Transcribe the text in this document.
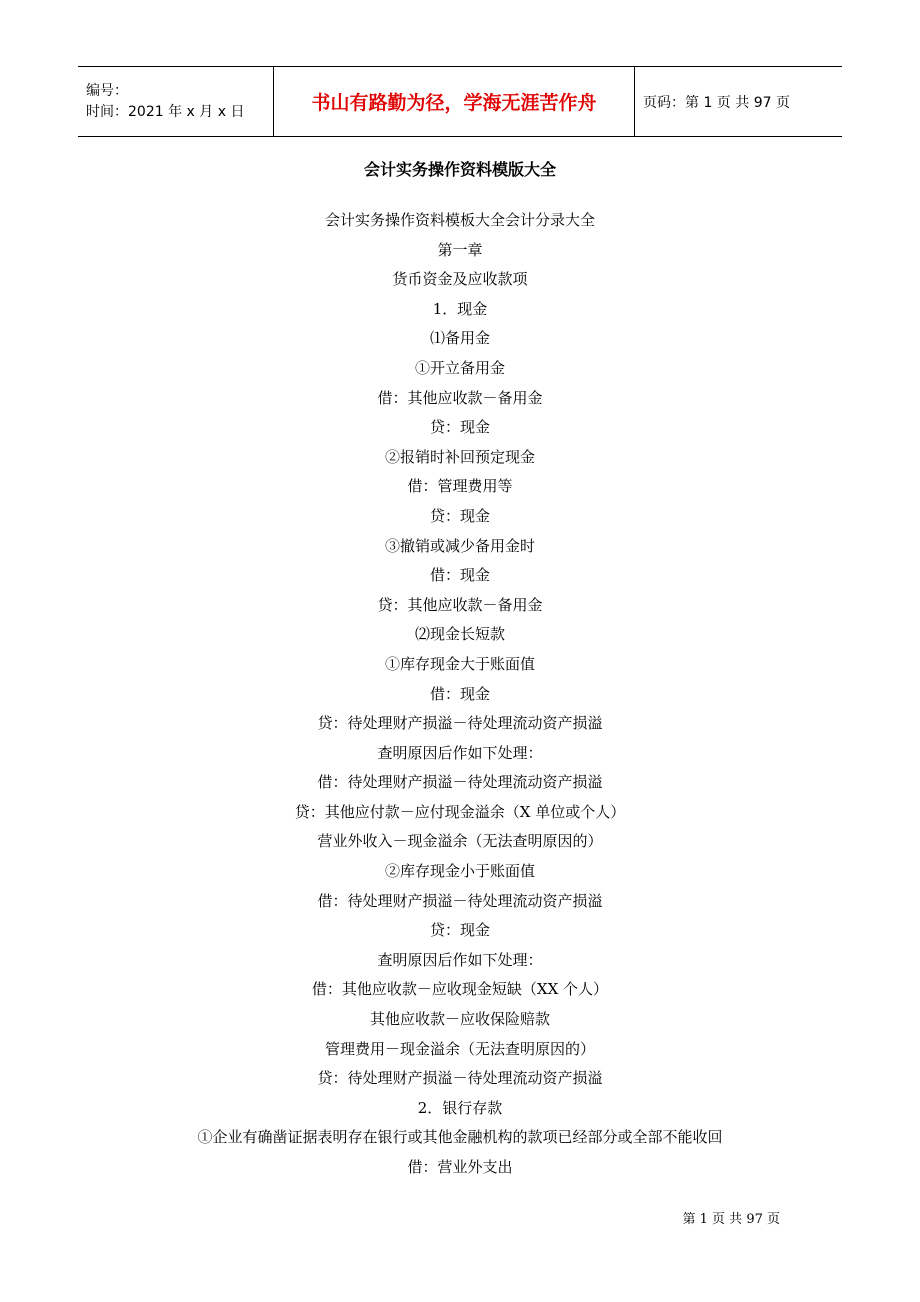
编号：
时间：2021 年 x 月 x 日	书山有路勤为径，学海无涯苦作舟	页码：第 1 页 共 97 页
会计实务操作资料模版大全
会计实务操作资料模板大全会计分录大全
第一章
货币资金及应收款项
1．现金
⑴备用金
①开立备用金
借：其他应收款－备用金
贷：现金
②报销时补回预定现金
借：管理费用等
贷：现金
③撤销或减少备用金时
借：现金
贷：其他应收款－备用金
⑵现金长短款
①库存现金大于账面值
借：现金
贷：待处理财产损溢－待处理流动资产损溢
查明原因后作如下处理：
借：待处理财产损溢－待处理流动资产损溢
贷：其他应付款－应付现金溢余（X 单位或个人）
营业外收入－现金溢余（无法查明原因的）
②库存现金小于账面值
借：待处理财产损溢－待处理流动资产损溢
贷：现金
查明原因后作如下处理：
借：其他应收款－应收现金短缺（XX 个人）
其他应收款－应收保险赔款
管理费用－现金溢余（无法查明原因的）
贷：待处理财产损溢－待处理流动资产损溢
2．银行存款
①企业有确凿证据表明存在银行或其他金融机构的款项已经部分或全部不能收回
借：营业外支出
第 1 页 共 97 页
